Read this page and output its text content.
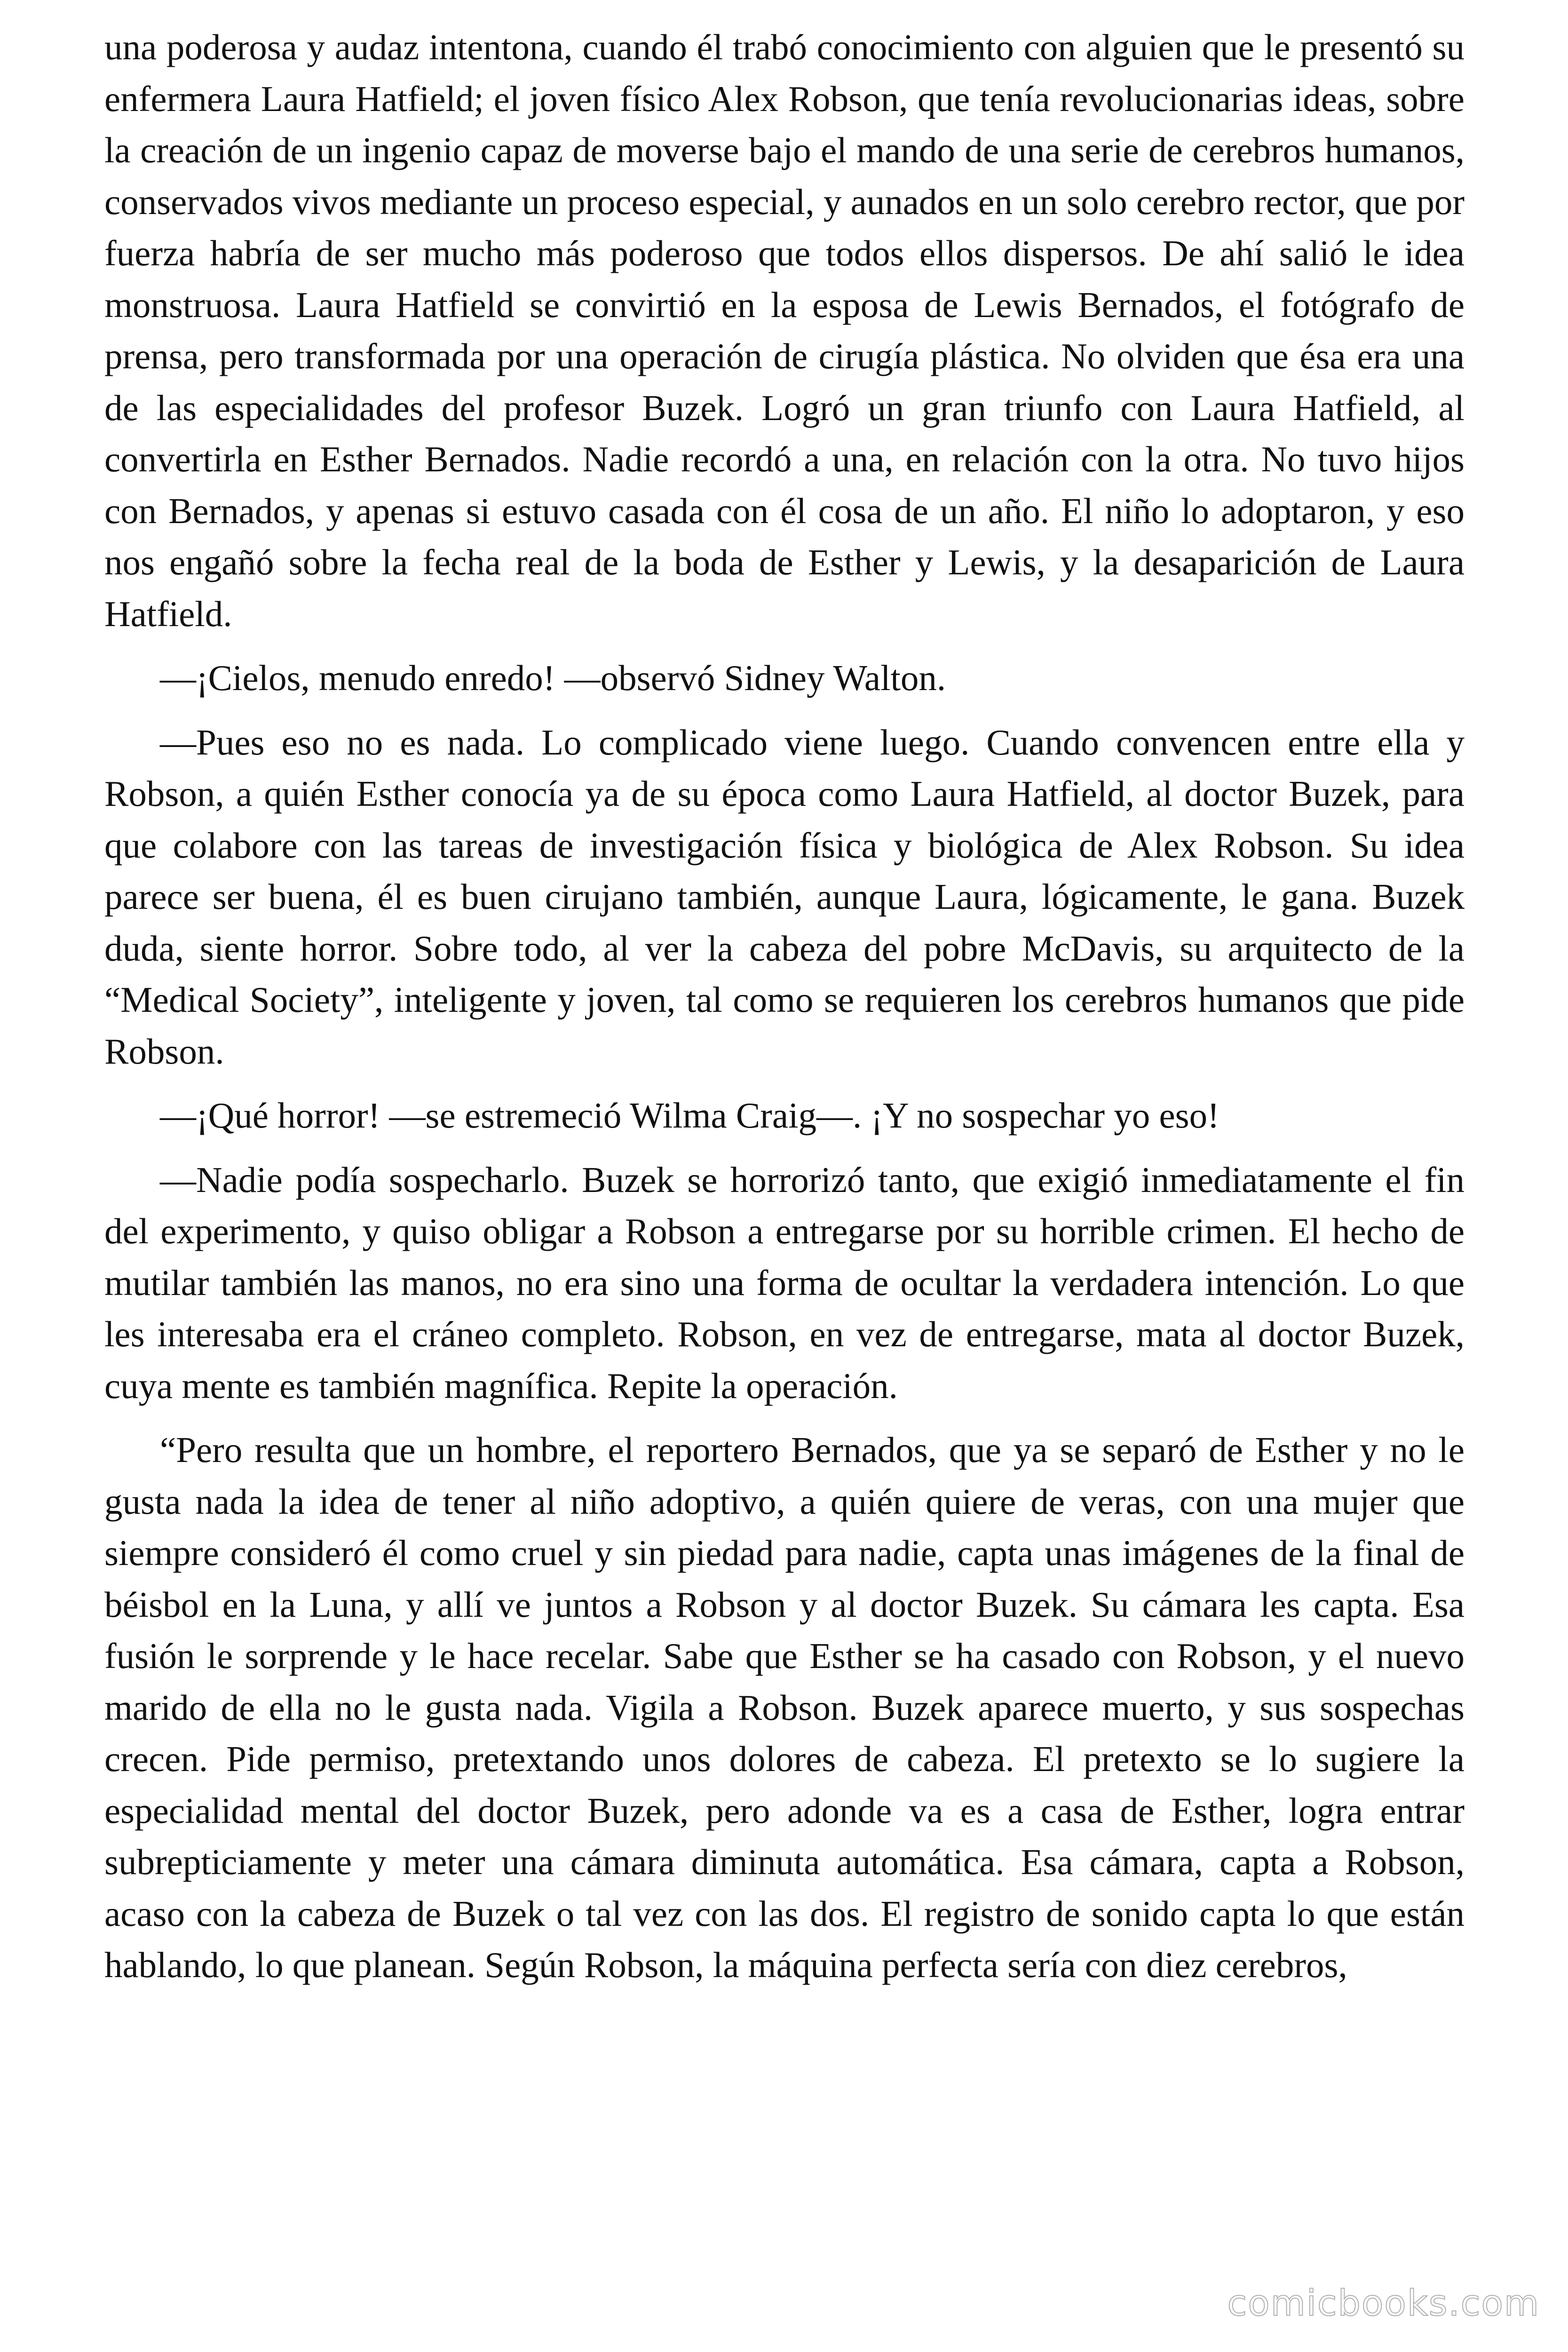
una poderosa y audaz intentona, cuando él trabó conocimiento con alguien que le presentó su enfermera Laura Hatfield; el joven físico Alex Robson, que tenía revolucionarias ideas, sobre la creación de un ingenio capaz de moverse bajo el mando de una serie de cerebros humanos, conservados vivos mediante un proceso especial, y aunados en un solo cerebro rector, que por fuerza habría de ser mucho más poderoso que todos ellos dispersos. De ahí salió le idea monstruosa. Laura Hatfield se convirtió en la esposa de Lewis Bernados, el fotógrafo de prensa, pero transformada por una operación de cirugía plástica. No olviden que ésa era una de las especialidades del profesor Buzek. Logró un gran triunfo con Laura Hatfield, al convertirla en Esther Bernados. Nadie recordó a una, en relación con la otra. No tuvo hijos con Bernados, y apenas si estuvo casada con él cosa de un año. El niño lo adoptaron, y eso nos engañó sobre la fecha real de la boda de Esther y Lewis, y la desaparición de Laura Hatfield.

—¡Cielos, menudo enredo! —observó Sidney Walton.

—Pues eso no es nada. Lo complicado viene luego. Cuando convencen entre ella y Robson, a quién Esther conocía ya de su época como Laura Hatfield, al doctor Buzek, para que colabore con las tareas de investigación física y biológica de Alex Robson. Su idea parece ser buena, él es buen cirujano también, aunque Laura, lógicamente, le gana. Buzek duda, siente horror. Sobre todo, al ver la cabeza del pobre McDavis, su arquitecto de la “Medical Society”, inteligente y joven, tal como se requieren los cerebros humanos que pide Robson.

—¡Qué horror! —se estremeció Wilma Craig—. ¡Y no sospechar yo eso!

—Nadie podía sospecharlo. Buzek se horrorizó tanto, que exigió inmediatamente el fin del experimento, y quiso obligar a Robson a entregarse por su horrible crimen. El hecho de mutilar también las manos, no era sino una forma de ocultar la verdadera intención. Lo que les interesaba era el cráneo completo. Robson, en vez de entregarse, mata al doctor Buzek, cuya mente es también magnífica. Repite la operación.

“Pero resulta que un hombre, el reportero Bernados, que ya se separó de Esther y no le gusta nada la idea de tener al niño adoptivo, a quién quiere de veras, con una mujer que siempre consideró él como cruel y sin piedad para nadie, capta unas imágenes de la final de béisbol en la Luna, y allí ve juntos a Robson y al doctor Buzek. Su cámara les capta. Esa fusión le sorprende y le hace recelar. Sabe que Esther se ha casado con Robson, y el nuevo marido de ella no le gusta nada. Vigila a Robson. Buzek aparece muerto, y sus sospechas crecen. Pide permiso, pretextando unos dolores de cabeza. El pretexto se lo sugiere la especialidad mental del doctor Buzek, pero adonde va es a casa de Esther, logra entrar subrepticiamente y meter una cámara diminuta automática. Esa cámara, capta a Robson, acaso con la cabeza de Buzek o tal vez con las dos. El registro de sonido capta lo que están hablando, lo que planean. Según Robson, la máquina perfecta sería con diez cerebros,

comicbooks.com
